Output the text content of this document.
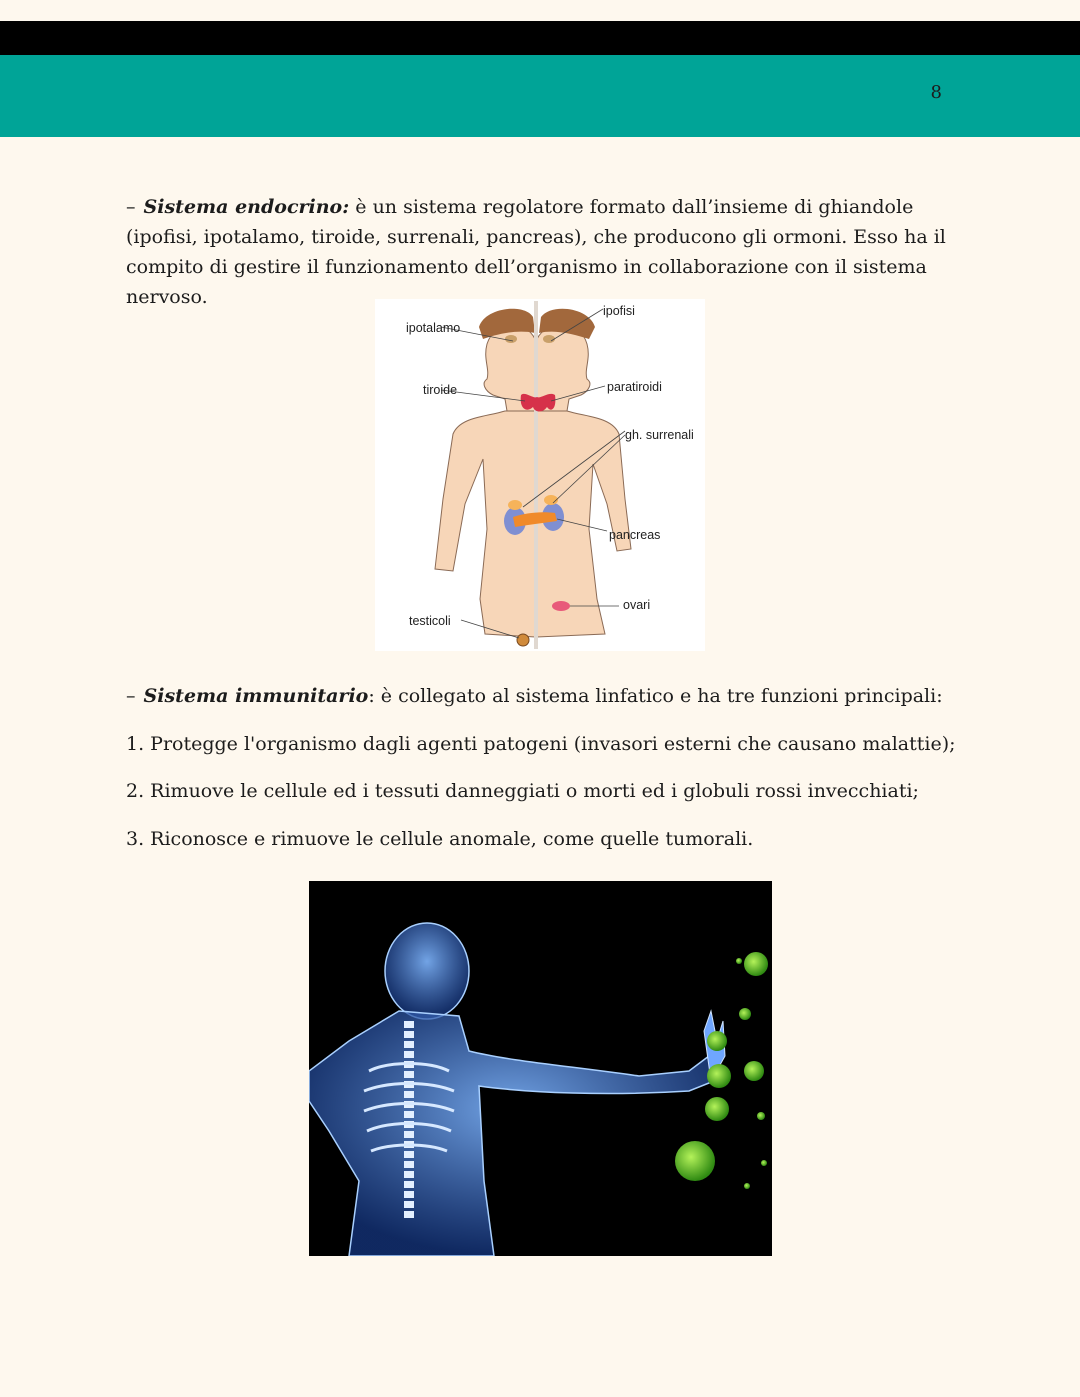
8
– Sistema endocrino: è un sistema regolatore formato dall’insieme di ghiandole (ipofisi, ipotalamo, tiroide, surrenali, pancreas), che producono gli ormoni. Esso ha il compito di gestire il funzionamento dell’organismo in collaborazione con il sistema nervoso.
ipotalamo
ipofisi
tiroide	paratiroidi
gh. surrenali
pancreas
ovari
testicoli
– Sistema immunitario: è collegato al sistema linfatico e ha tre funzioni principali:
1. Protegge l'organismo dagli agenti patogeni (invasori esterni che causano malattie);
2. Rimuove le cellule ed i tessuti danneggiati o morti ed i globuli rossi invecchiati;
3. Riconosce e rimuove le cellule anomale, come quelle tumorali.
